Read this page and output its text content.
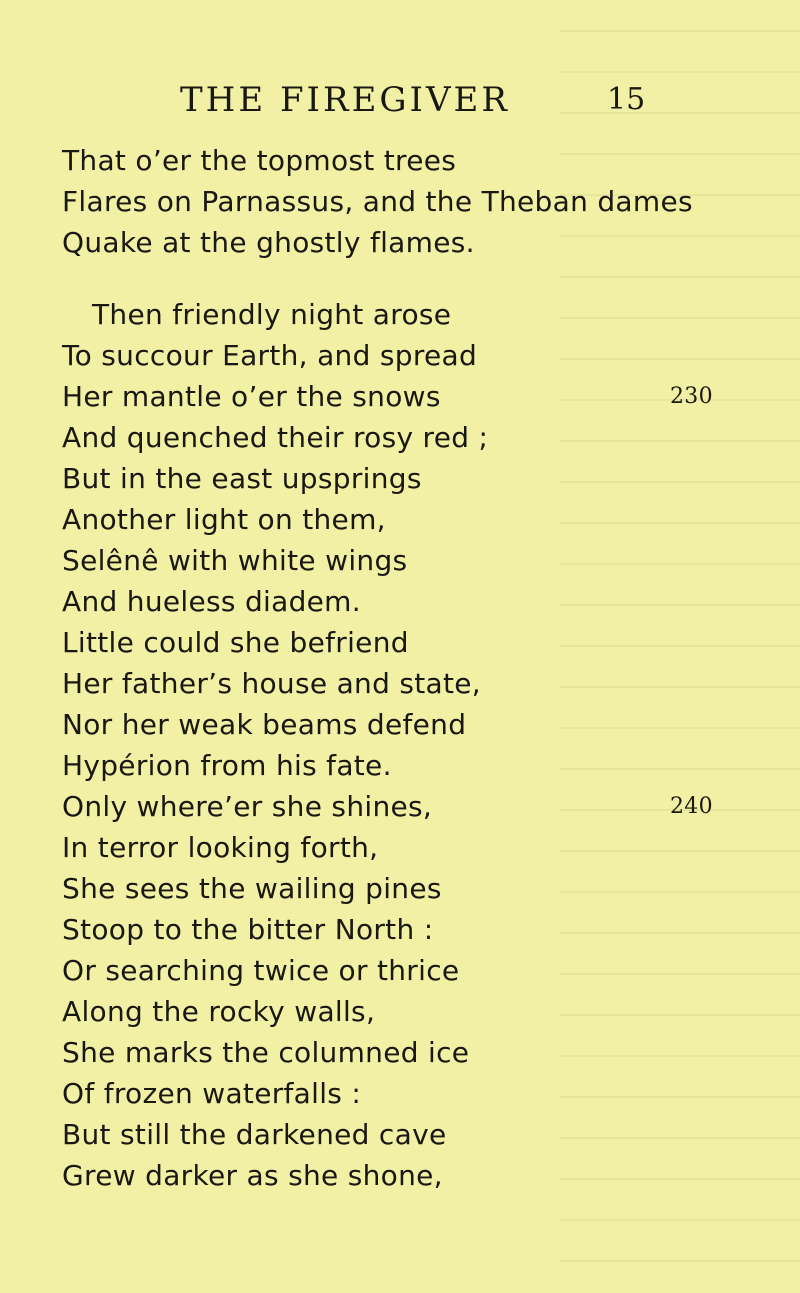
THE FIREGIVER	15
That o’er the topmost trees
Flares on Parnassus, and the Theban dames
Quake at the ghostly flames.
Then friendly night arose
To succour Earth, and spread
Her mantle o’er the snows	230
And quenched their rosy red ;
But in the east upsprings
Another light on them,
Selênê with white wings
And hueless diadem.
Little could she befriend
Her father’s house and state,
Nor her weak beams defend
Hypérion from his fate.
Only where’er she shines,	240
In terror looking forth,
She sees the wailing pines
Stoop to the bitter North :
Or searching twice or thrice
Along the rocky walls,
She marks the columned ice
Of frozen waterfalls :
But still the darkened cave
Grew darker as she shone,
